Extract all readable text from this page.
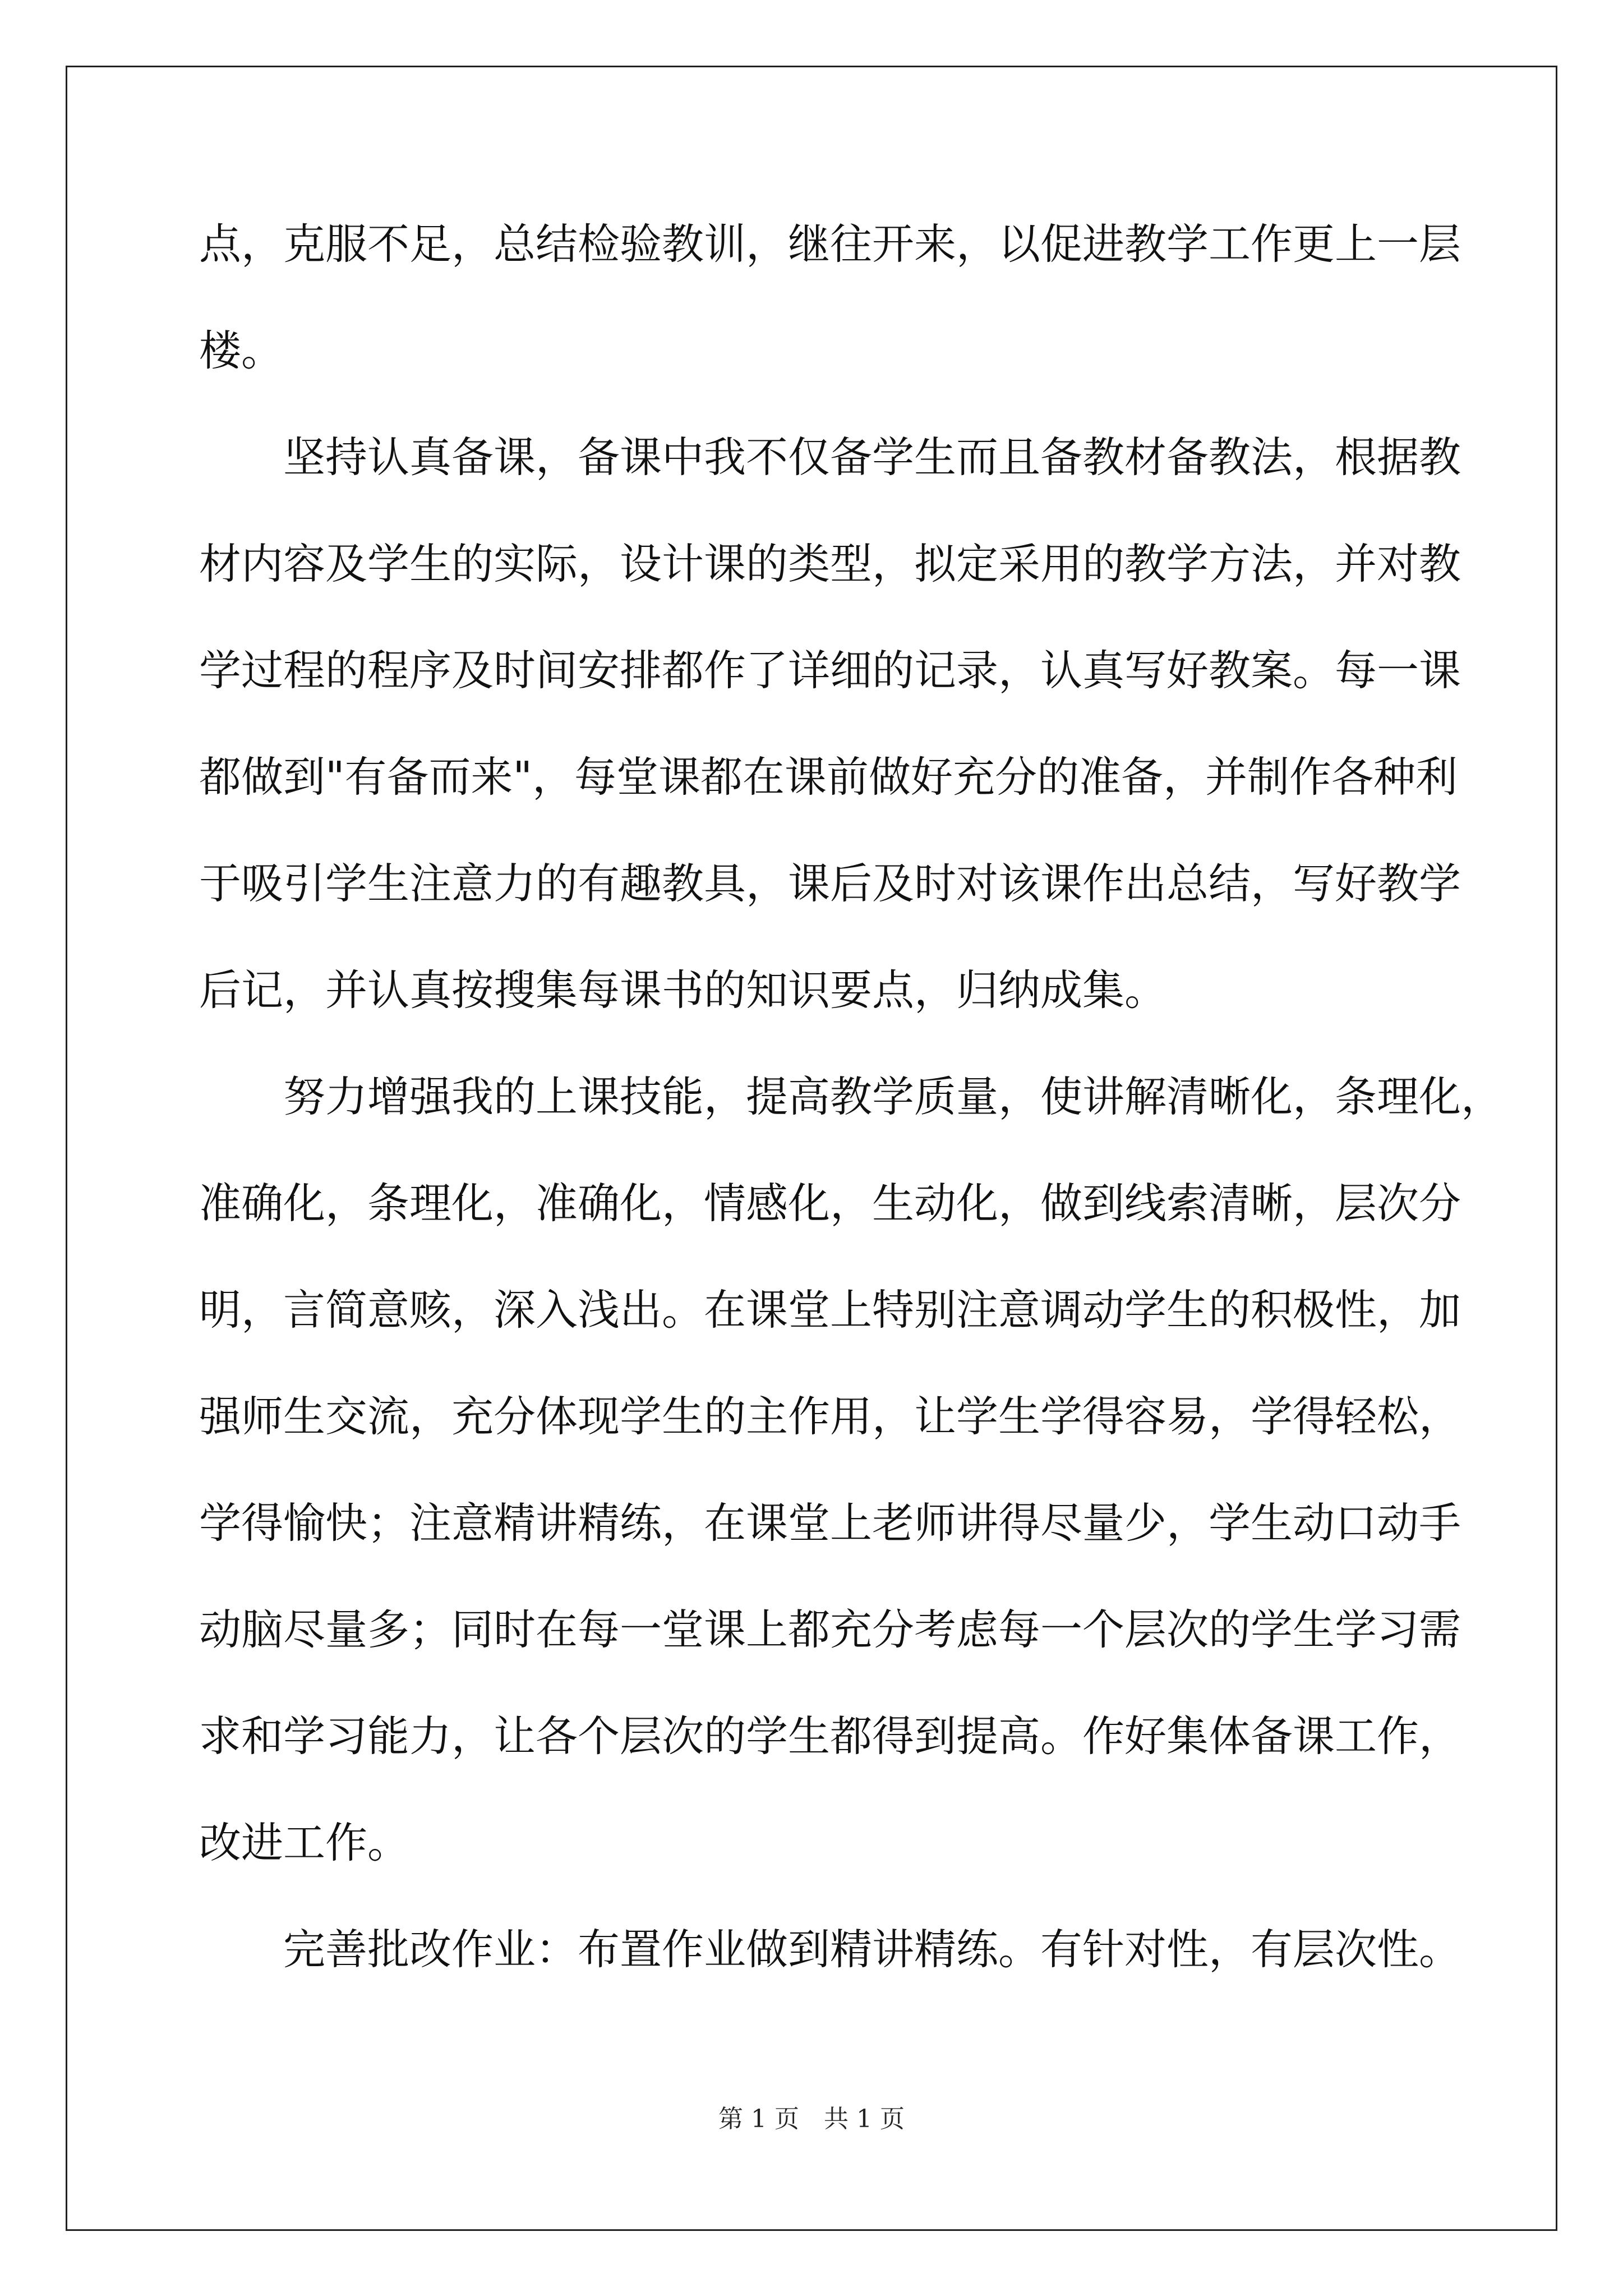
点，克服不足，总结检验教训，继往开来，以促进教学工作更上一层
楼。
　　坚持认真备课，备课中我不仅备学生而且备教材备教法，根据教
材内容及学生的实际，设计课的类型，拟定采用的教学方法，并对教
学过程的程序及时间安排都作了详细的记录，认真写好教案。每一课
都做到"有备而来"，每堂课都在课前做好充分的准备，并制作各种利
于吸引学生注意力的有趣教具，课后及时对该课作出总结，写好教学
后记，并认真按搜集每课书的知识要点，归纳成集。
　　努力增强我的上课技能，提高教学质量，使讲解清晰化，条理化，
准确化，条理化，准确化，情感化，生动化，做到线索清晰，层次分
明，言简意赅，深入浅出。在课堂上特别注意调动学生的积极性，加
强师生交流，充分体现学生的主作用，让学生学得容易，学得轻松，
学得愉快；注意精讲精练，在课堂上老师讲得尽量少，学生动口动手
动脑尽量多；同时在每一堂课上都充分考虑每一个层次的学生学习需
求和学习能力，让各个层次的学生都得到提高。作好集体备课工作，
改进工作。
　　完善批改作业：布置作业做到精讲精练。有针对性，有层次性。
第 1 页　共 1 页
